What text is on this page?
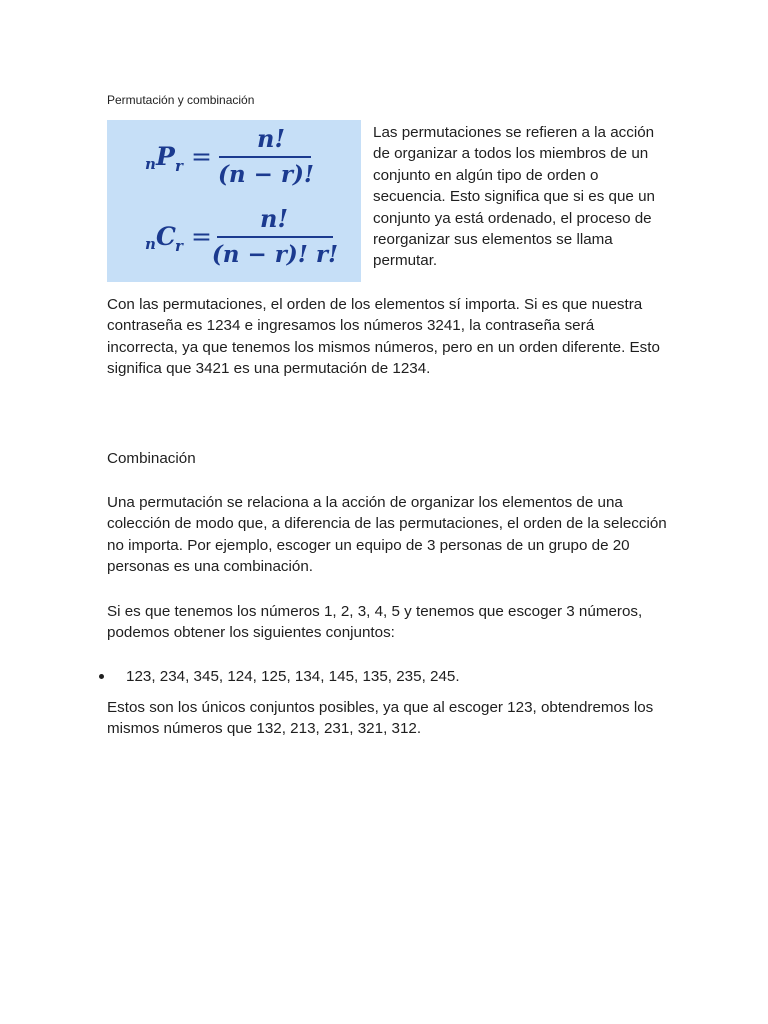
Permutación y combinación
n P r =
n!
(n − r)!
n C r =
n!
(n − r)! r!

Las permutaciones se refieren a la acción de organizar a todos los miembros de un conjunto en algún tipo de orden o secuencia. Esto significa que si es que un conjunto ya está ordenado, el proceso de reorganizar sus elementos se llama permutar.

Con las permutaciones, el orden de los elementos sí importa. Si es que nuestra contraseña es 1234 e ingresamos los números 3241, la contraseña será incorrecta, ya que tenemos los mismos números, pero en un orden diferente. Esto significa que 3421 es una permutación de 1234.

Combinación

Una permutación se relaciona a la acción de organizar los elementos de una colección de modo que, a diferencia de las permutaciones, el orden de la selección no importa. Por ejemplo, escoger un equipo de 3 personas de un grupo de 20 personas es una combinación.

Si es que tenemos los números 1, 2, 3, 4, 5 y tenemos que escoger 3 números, podemos obtener los siguientes conjuntos:

123, 234, 345, 124, 125, 134, 145, 135, 235, 245.

Estos son los únicos conjuntos posibles, ya que al escoger 123, obtendremos los mismos números que 132, 213, 231, 321, 312.
